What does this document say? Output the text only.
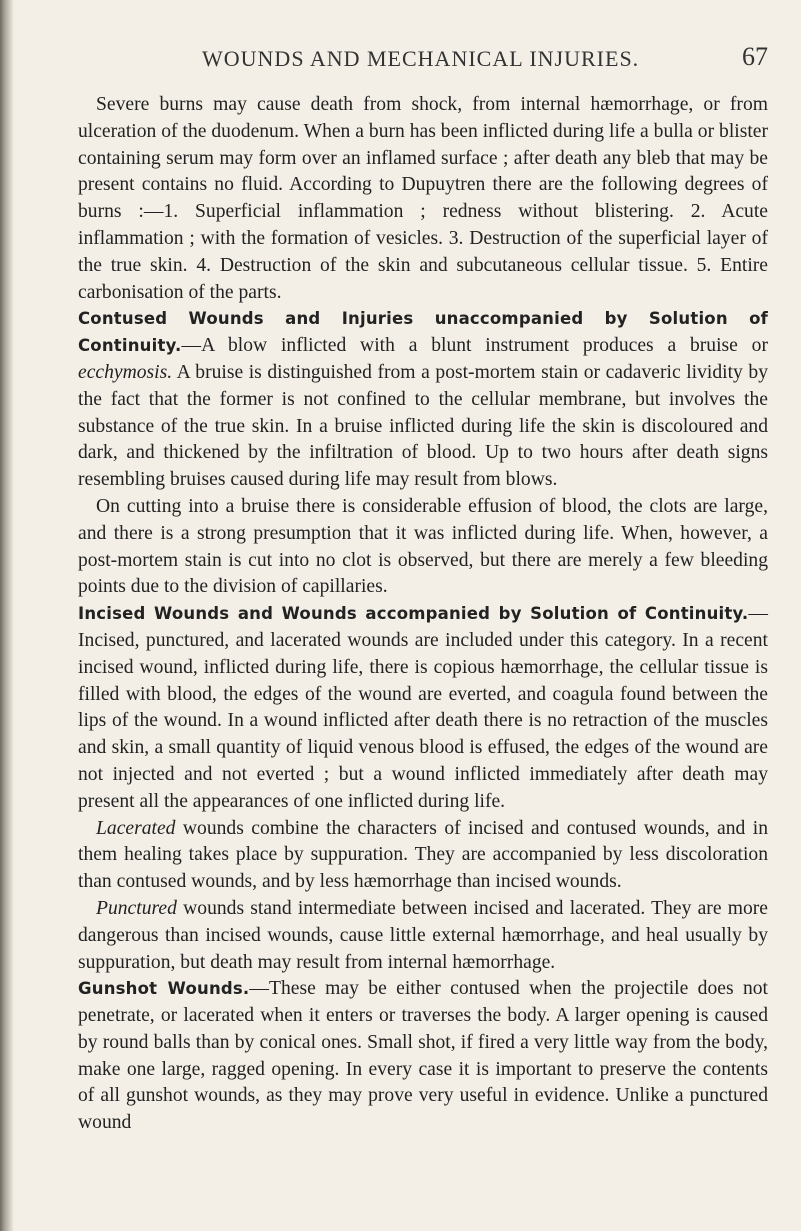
WOUNDS AND MECHANICAL INJURIES.	67

Severe burns may cause death from shock, from internal hæmorrhage, or from ulceration of the duodenum. When a burn has been inflicted during life a bulla or blister containing serum may form over an inflamed surface ; after death any bleb that may be present contains no fluid. According to Dupuytren there are the following degrees of burns :—1. Superficial inflammation ; redness without blistering. 2. Acute inflammation ; with the formation of vesicles. 3. Destruction of the superficial layer of the true skin. 4. Destruction of the skin and subcutaneous cellular tissue. 5. Entire carbonisation of the parts.

Contused Wounds and Injuries unaccompanied by Solution of Continuity.—A blow inflicted with a blunt instrument produces a bruise or ecchymosis. A bruise is distinguished from a post-mortem stain or cadaveric lividity by the fact that the former is not confined to the cellular membrane, but involves the substance of the true skin. In a bruise inflicted during life the skin is discoloured and dark, and thickened by the infiltration of blood. Up to two hours after death signs resembling bruises caused during life may result from blows.

On cutting into a bruise there is considerable effusion of blood, the clots are large, and there is a strong presumption that it was inflicted during life. When, however, a post-mortem stain is cut into no clot is observed, but there are merely a few bleeding points due to the division of capillaries.

Incised Wounds and Wounds accompanied by Solution of Continuity.—Incised, punctured, and lacerated wounds are included under this category. In a recent incised wound, inflicted during life, there is copious hæmorrhage, the cellular tissue is filled with blood, the edges of the wound are everted, and coagula found between the lips of the wound. In a wound inflicted after death there is no retraction of the muscles and skin, a small quantity of liquid venous blood is effused, the edges of the wound are not injected and not everted ; but a wound inflicted immediately after death may present all the appearances of one inflicted during life.

Lacerated wounds combine the characters of incised and contused wounds, and in them healing takes place by suppuration. They are accompanied by less discoloration than contused wounds, and by less hæmorrhage than incised wounds.

Punctured wounds stand intermediate between incised and lacerated. They are more dangerous than incised wounds, cause little external hæmorrhage, and heal usually by suppuration, but death may result from internal hæmorrhage.

Gunshot Wounds.—These may be either contused when the projectile does not penetrate, or lacerated when it enters or traverses the body. A larger opening is caused by round balls than by conical ones. Small shot, if fired a very little way from the body, make one large, ragged opening. In every case it is important to preserve the contents of all gunshot wounds, as they may prove very useful in evidence. Unlike a punctured wound
